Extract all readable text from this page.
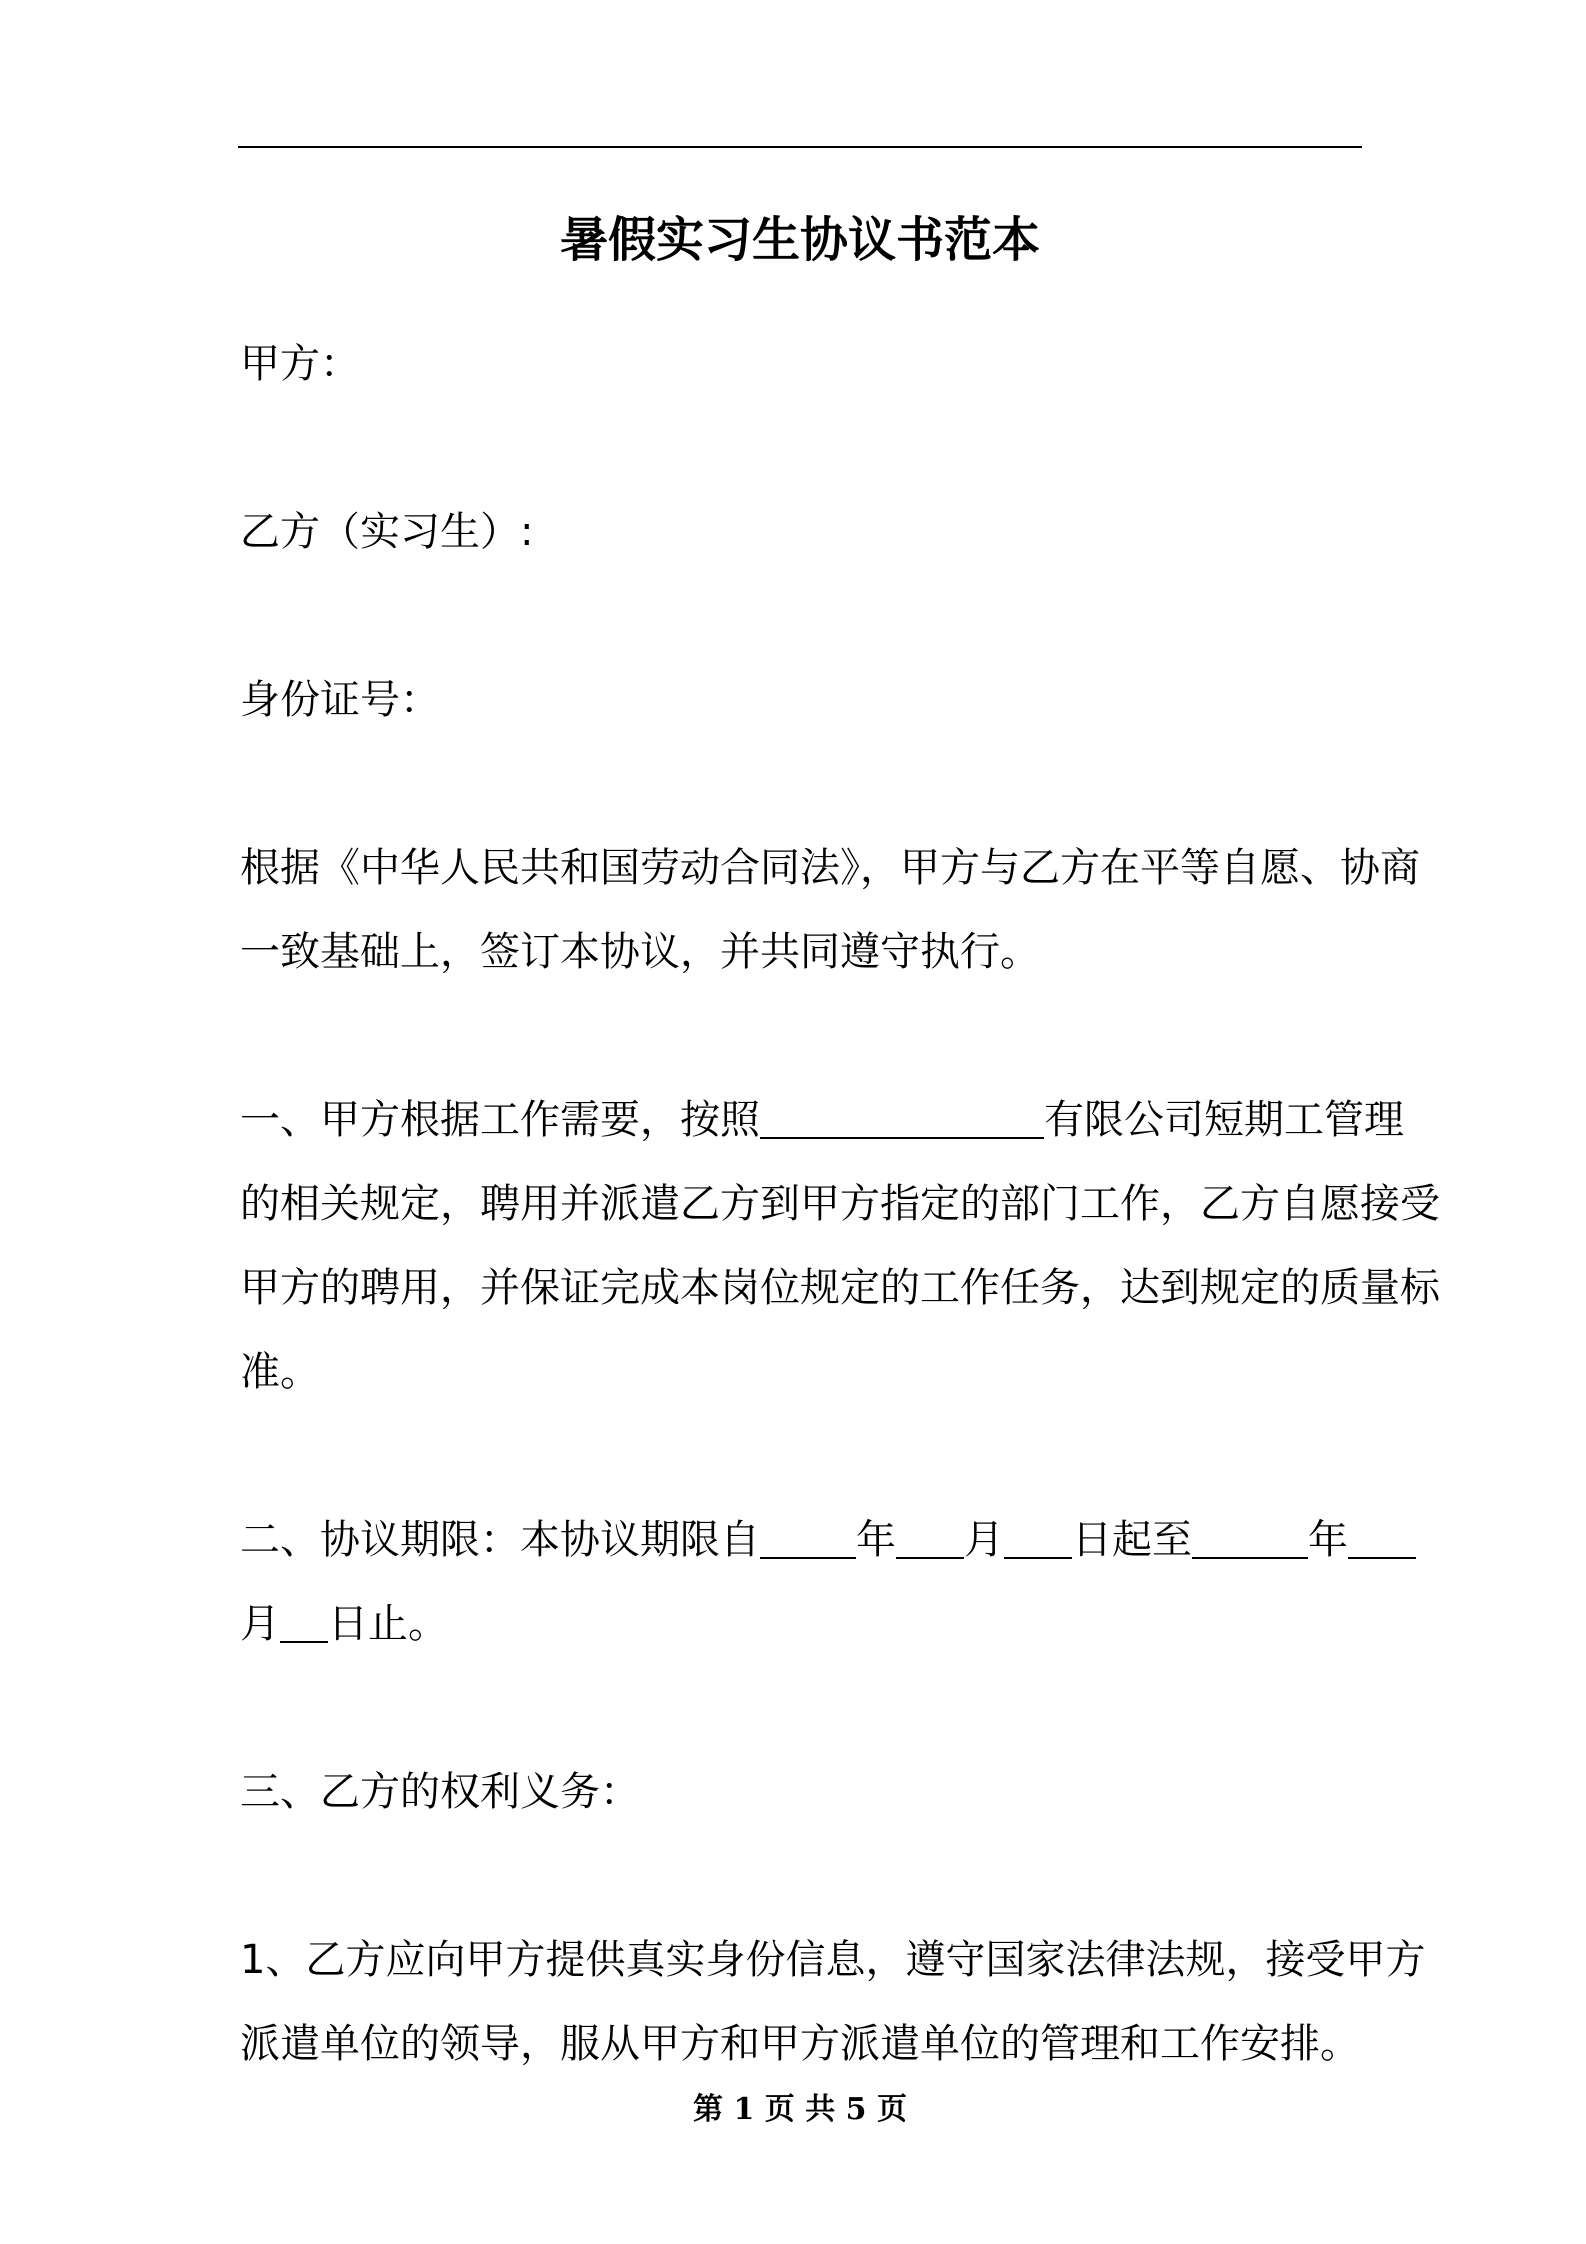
暑假实习生协议书范本

甲方：

乙方（实习生）:

身份证号：

根据《中华人民共和国劳动合同法》，甲方与乙方在平等自愿、协商

一致基础上，签订本协议，并共同遵守执行。

一、甲方根据工作需要，按照	有限公司短期工管理

的相关规定，聘用并派遣乙方到甲方指定的部门工作，乙方自愿接受

甲方的聘用，并保证完成本岗位规定的工作任务，达到规定的质量标

准。

二、协议期限：本协议期限自 年 月 日起至	年

月 日止。

三、乙方的权利义务：

1、乙方应向甲方提供真实身份信息，遵守国家法律法规，接受甲方

派遣单位的领导，服从甲方和甲方派遣单位的管理和工作安排。

第 1 页 共 5 页
